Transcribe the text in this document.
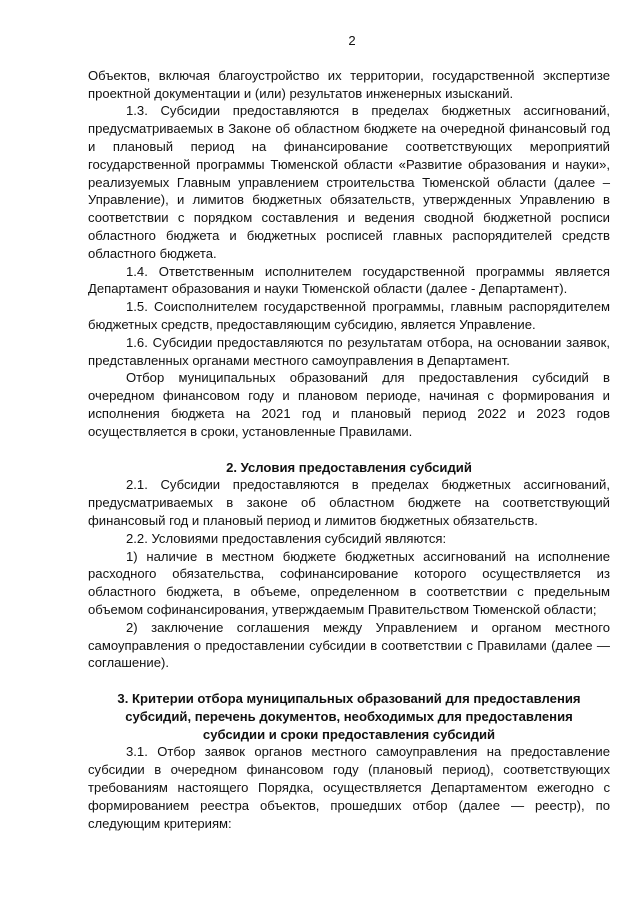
2

Объектов, включая благоустройство их территории, государственной экспертизе проектной документации и (или) результатов инженерных изысканий.

1.3. Субсидии предоставляются в пределах бюджетных ассигнований, предусматриваемых в Законе об областном бюджете на очередной финансовый год и плановый период на финансирование соответствующих мероприятий государственной программы Тюменской области «Развитие образования и науки», реализуемых Главным управлением строительства Тюменской области (далее – Управление), и лимитов бюджетных обязательств, утвержденных Управлению в соответствии с порядком составления и ведения сводной бюджетной росписи областного бюджета и бюджетных росписей главных распорядителей средств областного бюджета.

1.4. Ответственным исполнителем государственной программы является Департамент образования и науки Тюменской области (далее - Департамент).

1.5. Соисполнителем государственной программы, главным распорядителем бюджетных средств, предоставляющим субсидию, является Управление.

1.6. Субсидии предоставляются по результатам отбора, на основании заявок, представленных органами местного самоуправления в Департамент.

Отбор муниципальных образований для предоставления субсидий в очередном финансовом году и плановом периоде, начиная с формирования и исполнения бюджета на 2021 год и плановый период 2022 и 2023 годов осуществляется в сроки, установленные Правилами.

2. Условия предоставления субсидий

2.1. Субсидии предоставляются в пределах бюджетных ассигнований, предусматриваемых в законе об областном бюджете на соответствующий финансовый год и плановый период и лимитов бюджетных обязательств.

2.2. Условиями предоставления субсидий являются:

1) наличие в местном бюджете бюджетных ассигнований на исполнение расходного обязательства, софинансирование которого осуществляется из областного бюджета, в объеме, определенном в соответствии с предельным объемом софинансирования, утверждаемым Правительством Тюменской области;

2) заключение соглашения между Управлением и органом местного самоуправления о предоставлении субсидии в соответствии с Правилами (далее — соглашение).

3. Критерии отбора муниципальных образований для предоставления
субсидий, перечень документов, необходимых для предоставления
субсидии и сроки предоставления субсидий

3.1. Отбор заявок органов местного самоуправления на предоставление субсидии в очередном финансовом году (плановый период), соответствующих требованиям настоящего Порядка, осуществляется Департаментом ежегодно с формированием реестра объектов, прошедших отбор (далее — реестр), по следующим критериям:
